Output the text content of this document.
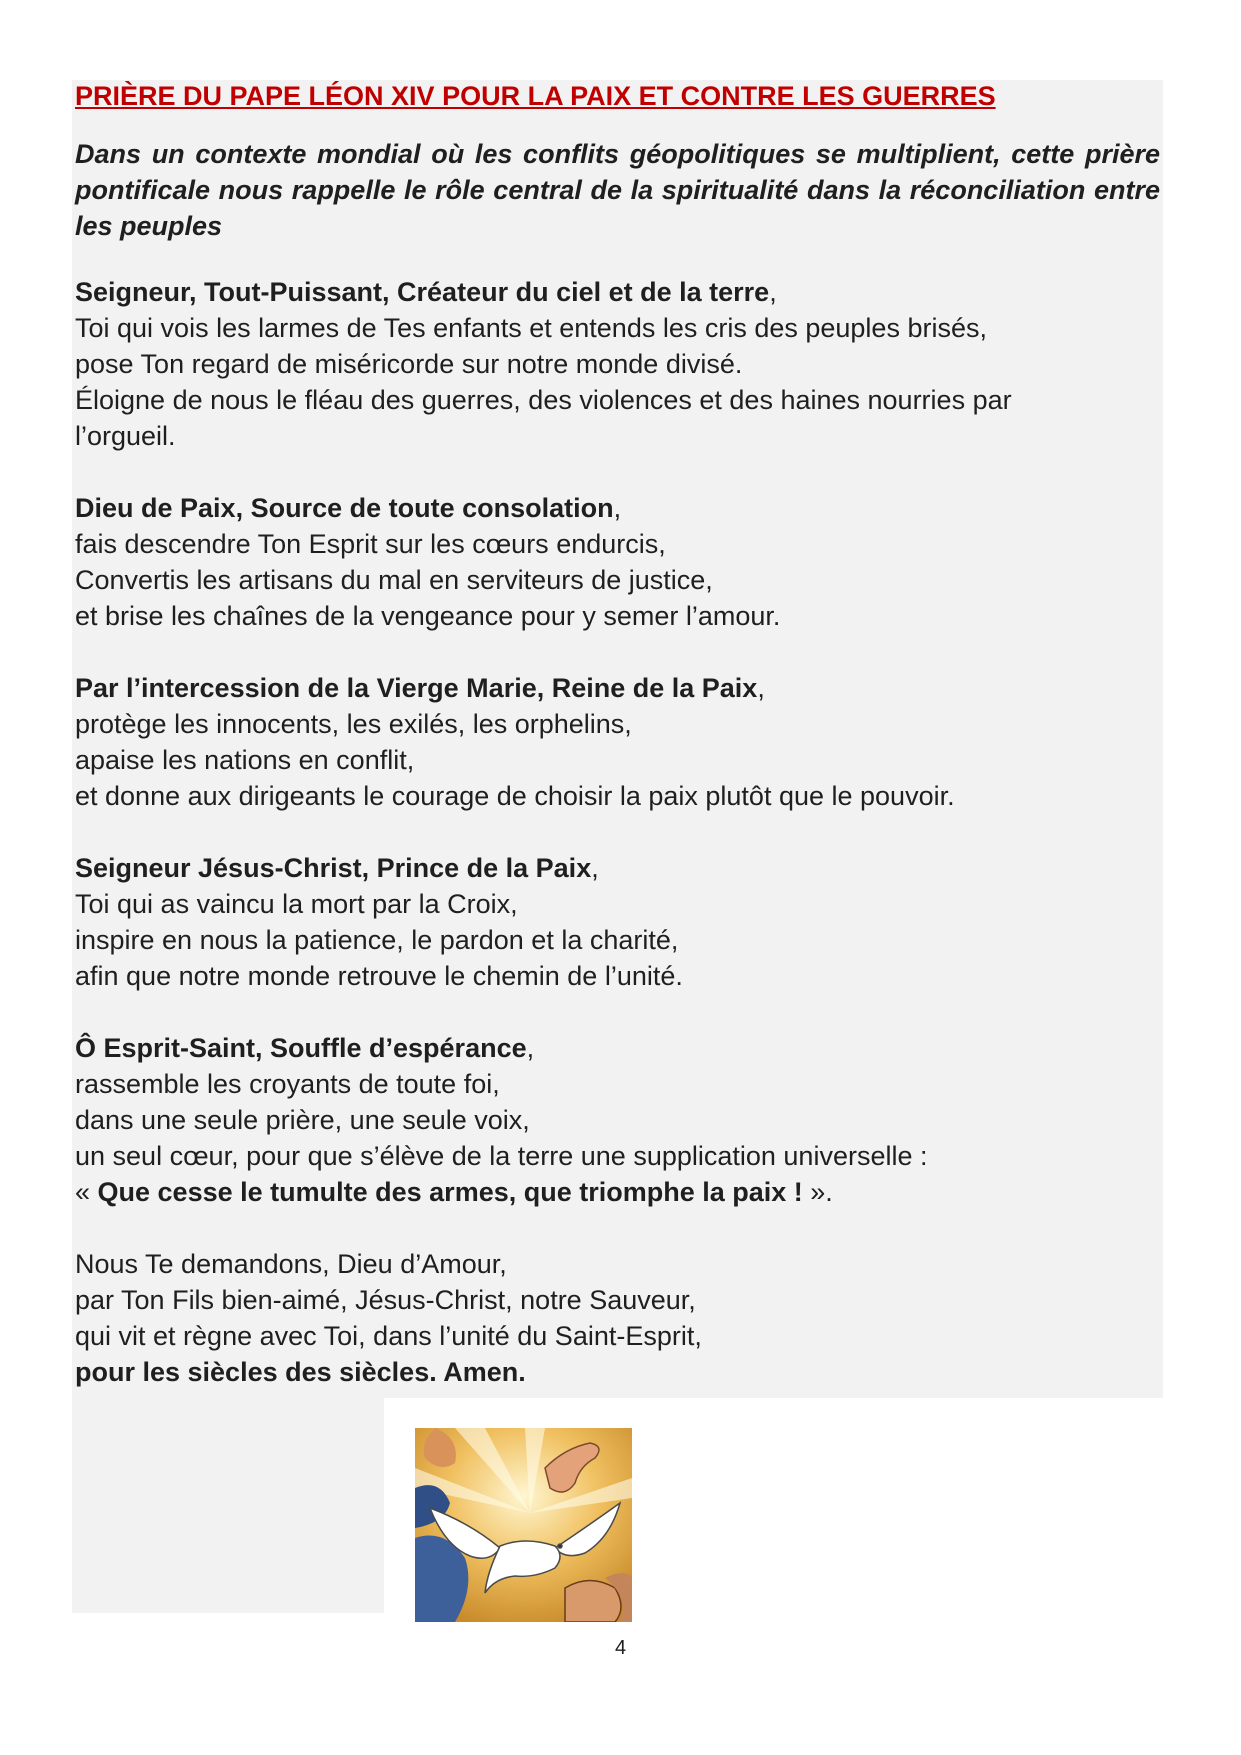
PRIÈRE DU PAPE LÉON XIV POUR LA PAIX ET CONTRE LES GUERRES

Dans un contexte mondial où les conflits géopolitiques se multiplient, cette prière pontificale nous rappelle le rôle central de la spiritualité dans la réconciliation entre les peuples

Seigneur, Tout-Puissant, Créateur du ciel et de la terre,
Toi qui vois les larmes de Tes enfants et entends les cris des peuples brisés,
pose Ton regard de miséricorde sur notre monde divisé.
Éloigne de nous le fléau des guerres, des violences et des haines nourries par
l’orgueil.
Dieu de Paix, Source de toute consolation,
fais descendre Ton Esprit sur les cœurs endurcis,
Convertis les artisans du mal en serviteurs de justice,
et brise les chaînes de la vengeance pour y semer l’amour.
Par l’intercession de la Vierge Marie, Reine de la Paix,
protège les innocents, les exilés, les orphelins,
apaise les nations en conflit,
et donne aux dirigeants le courage de choisir la paix plutôt que le pouvoir.
Seigneur Jésus-Christ, Prince de la Paix,
Toi qui as vaincu la mort par la Croix,
inspire en nous la patience, le pardon et la charité,
afin que notre monde retrouve le chemin de l’unité.
Ô Esprit-Saint, Souffle d’espérance,
rassemble les croyants de toute foi,
dans une seule prière, une seule voix,
un seul cœur, pour que s’élève de la terre une supplication universelle :
« Que cesse le tumulte des armes, que triomphe la paix ! ».
Nous Te demandons, Dieu d’Amour,
par Ton Fils bien-aimé, Jésus-Christ, notre Sauveur,
qui vit et règne avec Toi, dans l’unité du Saint-Esprit,
pour les siècles des siècles. Amen.
4
